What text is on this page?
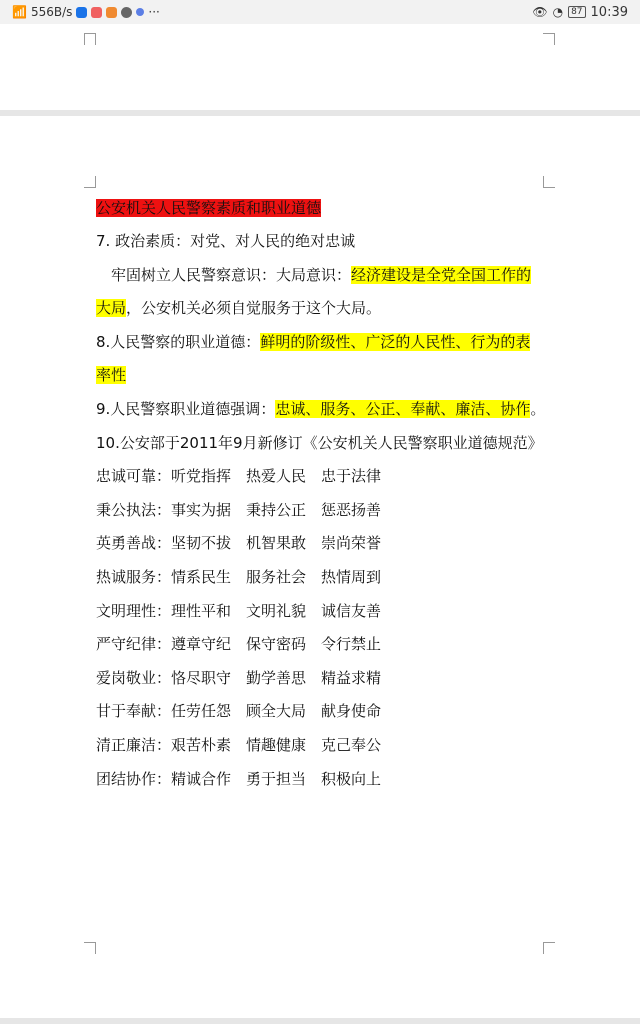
📶 556B/s	···	👁 ◔ 87 10:39
公安机关人民警察素质和职业道德
7. 政治素质：对党、对人民的绝对忠诚
　牢固树立人民警察意识：大局意识：经济建设是全党全国工作的
大局，公安机关必须自觉服务于这个大局。
8.人民警察的职业道德：鲜明的阶级性、广泛的人民性、行为的表
率性
9.人民警察职业道德强调：忠诚、服务、公正、奉献、廉洁、协作。
10.公安部于2011年9月新修订《公安机关人民警察职业道德规范》
忠诚可靠：听党指挥　热爱人民　忠于法律
秉公执法：事实为据　秉持公正　惩恶扬善
英勇善战：坚韧不拔　机智果敢　崇尚荣誉
热诚服务：情系民生　服务社会　热情周到
文明理性：理性平和　文明礼貌　诚信友善
严守纪律：遵章守纪　保守密码　令行禁止
爱岗敬业：恪尽职守　勤学善思　精益求精
甘于奉献：任劳任怨　顾全大局　献身使命
清正廉洁：艰苦朴素　情趣健康　克己奉公
团结协作：精诚合作　勇于担当　积极向上
